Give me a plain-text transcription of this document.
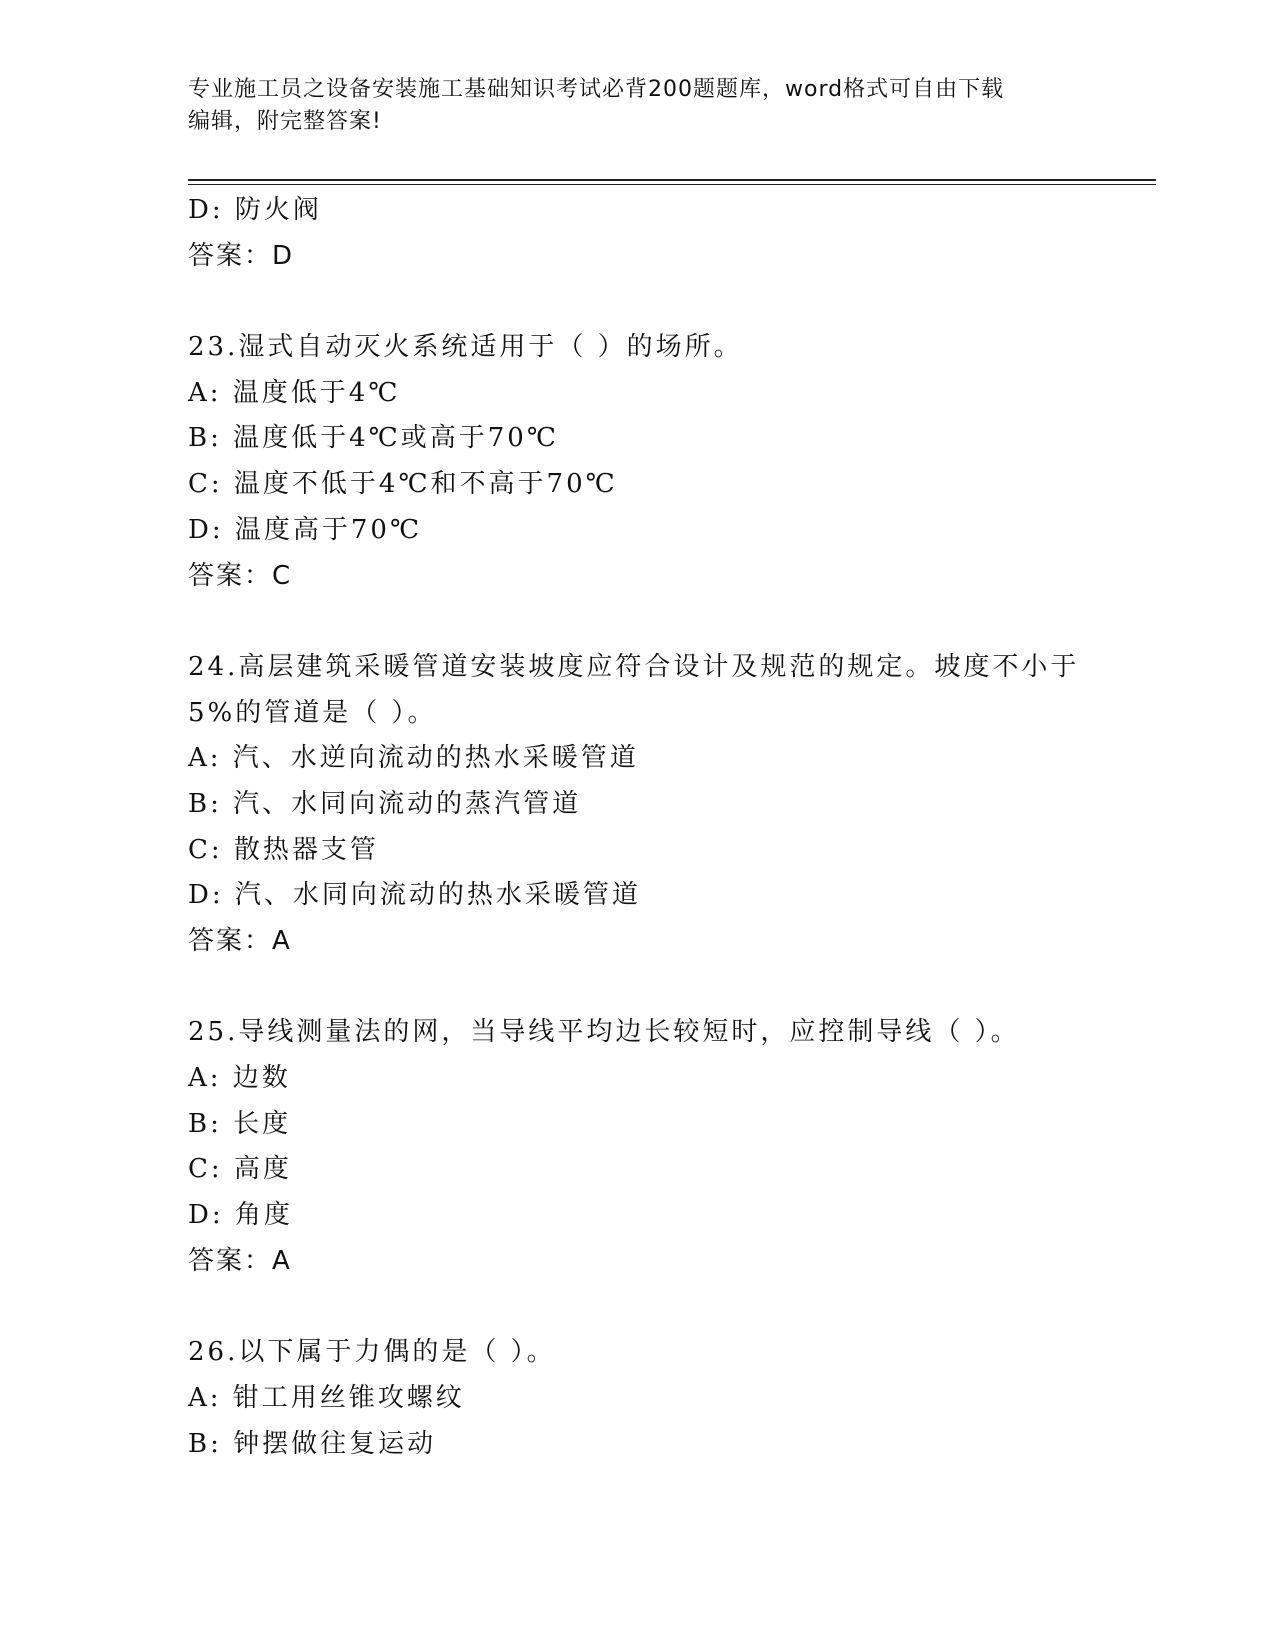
专业施工员之设备安装施工基础知识考试必背200题题库，word格式可自由下载
编辑，附完整答案!
D: 防火阀
答案：D
23.湿式自动灭火系统适用于（ ）的场所。
A: 温度低于4℃
B: 温度低于4℃或高于70℃
C: 温度不低于4℃和不高于70℃
D: 温度高于70℃
答案：C
24.高层建筑采暖管道安装坡度应符合设计及规范的规定。坡度不小于
5%的管道是（ ）。
A: 汽、水逆向流动的热水采暖管道
B: 汽、水同向流动的蒸汽管道
C: 散热器支管
D: 汽、水同向流动的热水采暖管道
答案：A
25.导线测量法的网，当导线平均边长较短时，应控制导线（ ）。
A: 边数
B: 长度
C: 高度
D: 角度
答案：A
26.以下属于力偶的是（ ）。
A: 钳工用丝锥攻螺纹
B: 钟摆做往复运动
